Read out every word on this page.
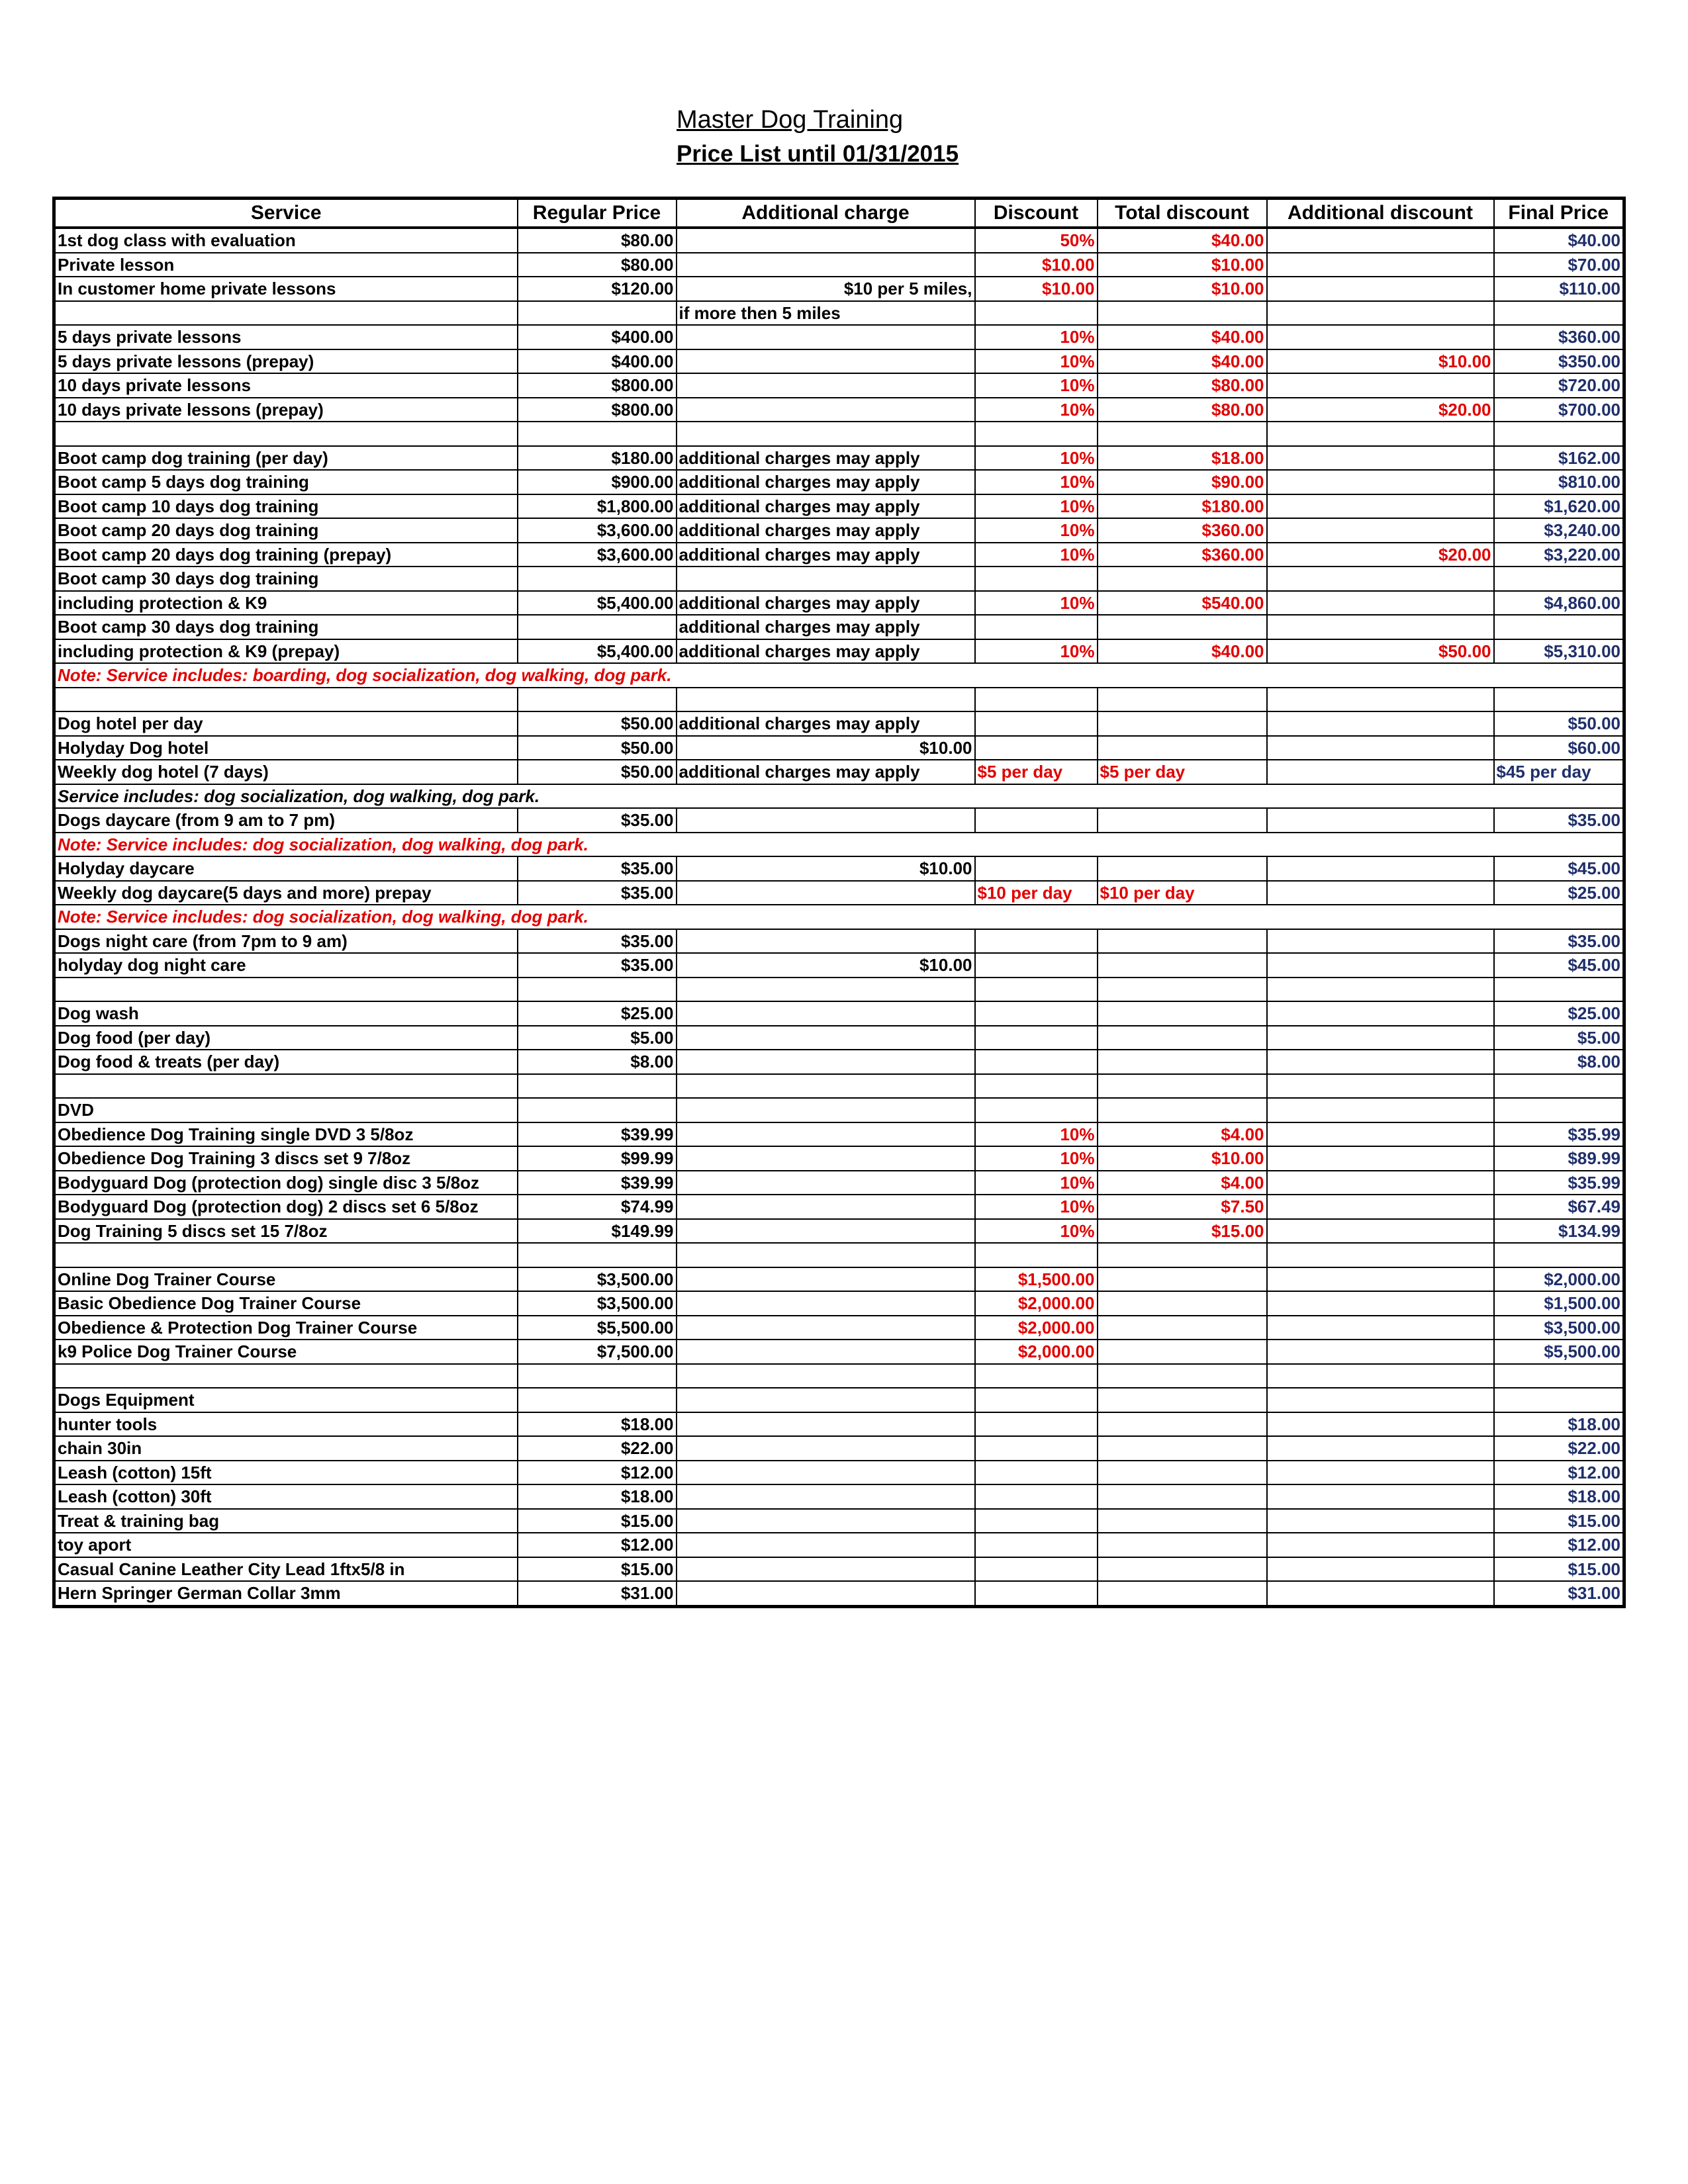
Master Dog Training
Price List until 01/31/2015
Service	Regular Price	Additional charge	Discount	Total discount	Additional discount	Final Price
1st dog class with evaluation	$80.00		50%	$40.00		$40.00
Private lesson	$80.00		$10.00	$10.00		$70.00
In customer home private lessons	$120.00	$10 per 5 miles,	$10.00	$10.00		$110.00
		if more then 5 miles				
5 days private lessons	$400.00		10%	$40.00		$360.00
5 days private lessons (prepay)	$400.00		10%	$40.00	$10.00	$350.00
10 days private lessons	$800.00		10%	$80.00		$720.00
10 days private lessons (prepay)	$800.00		10%	$80.00	$20.00	$700.00

Boot camp dog training (per day)	$180.00	additional charges may apply	10%	$18.00		$162.00
Boot camp 5 days dog training	$900.00	additional charges may apply	10%	$90.00		$810.00
Boot camp 10 days dog training	$1,800.00	additional charges may apply	10%	$180.00		$1,620.00
Boot camp 20 days dog training	$3,600.00	additional charges may apply	10%	$360.00		$3,240.00
Boot camp 20 days dog training (prepay)	$3,600.00	additional charges may apply	10%	$360.00	$20.00	$3,220.00
Boot camp 30 days dog training						
including protection & K9	$5,400.00	additional charges may apply	10%	$540.00		$4,860.00
Boot camp 30 days dog training		additional charges may apply				
including protection & K9 (prepay)	$5,400.00	additional charges may apply	10%	$40.00	$50.00	$5,310.00
Note: Service includes: boarding, dog socialization, dog walking, dog park.						

Dog hotel per day	$50.00	additional charges may apply				$50.00
Holyday Dog hotel	$50.00	$10.00				$60.00
Weekly dog hotel (7 days)	$50.00	additional charges may apply	$5 per day	$5 per day		$45 per day
Service includes: dog socialization, dog walking, dog park.						
Dogs daycare (from 9 am to 7 pm)	$35.00					$35.00
Note: Service includes: dog socialization, dog walking, dog park.						
Holyday daycare	$35.00	$10.00				$45.00
Weekly dog daycare(5 days and more) prepay	$35.00		$10 per day	$10 per day		$25.00
Note: Service includes: dog socialization, dog walking, dog park.						
Dogs night care (from 7pm to 9 am)	$35.00					$35.00
holyday dog night care	$35.00	$10.00				$45.00

Dog wash	$25.00					$25.00
Dog food (per day)	$5.00					$5.00
Dog food & treats (per day)	$8.00					$8.00

DVD						
Obedience Dog Training single DVD 3 5/8oz	$39.99		10%	$4.00		$35.99
Obedience Dog Training 3 discs set 9 7/8oz	$99.99		10%	$10.00		$89.99
Bodyguard Dog (protection dog) single disc 3 5/8oz	$39.99		10%	$4.00		$35.99
Bodyguard Dog (protection dog) 2 discs set 6 5/8oz	$74.99		10%	$7.50		$67.49
Dog Training 5 discs set 15 7/8oz	$149.99		10%	$15.00		$134.99

Online Dog Trainer Course	$3,500.00		$1,500.00			$2,000.00
Basic Obedience Dog Trainer Course	$3,500.00		$2,000.00			$1,500.00
Obedience & Protection Dog Trainer Course	$5,500.00		$2,000.00			$3,500.00
k9 Police Dog Trainer Course	$7,500.00		$2,000.00			$5,500.00

Dogs Equipment						
hunter tools	$18.00					$18.00
chain 30in	$22.00					$22.00
Leash (cotton) 15ft	$12.00					$12.00
Leash (cotton) 30ft	$18.00					$18.00
Treat & training bag	$15.00					$15.00
toy aport	$12.00					$12.00
Casual Canine Leather City Lead 1ftx5/8 in	$15.00					$15.00
Hern Springer German Collar 3mm	$31.00					$31.00
